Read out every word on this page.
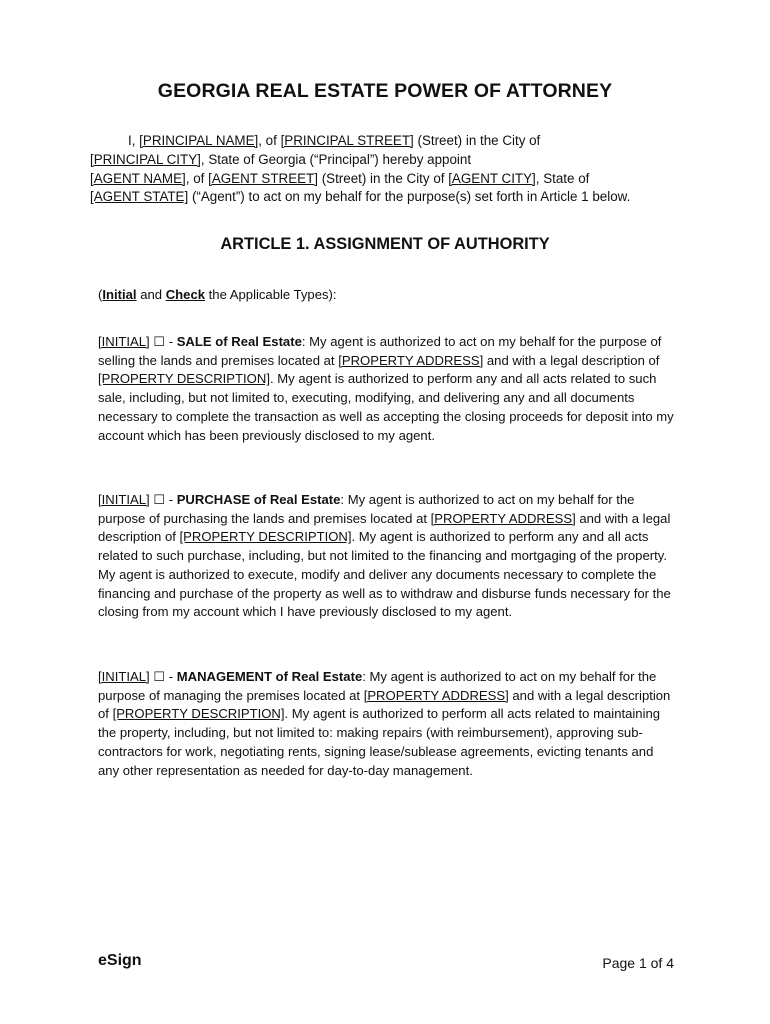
GEORGIA REAL ESTATE POWER OF ATTORNEY
I, [PRINCIPAL NAME], of [PRINCIPAL STREET] (Street) in the City of
[PRINCIPAL CITY], State of Georgia (“Principal”) hereby appoint
[AGENT NAME], of [AGENT STREET] (Street) in the City of [AGENT CITY], State of
[AGENT STATE] (“Agent”) to act on my behalf for the purpose(s) set forth in Article 1 below.
ARTICLE 1. ASSIGNMENT OF AUTHORITY
(Initial and Check the Applicable Types):
[INITIAL] ☐ - SALE of Real Estate: My agent is authorized to act on my behalf for the purpose of selling the lands and premises located at [PROPERTY ADDRESS] and with a legal description of [PROPERTY DESCRIPTION]. My agent is authorized to perform any and all acts related to such sale, including, but not limited to, executing, modifying, and delivering any and all documents necessary to complete the transaction as well as accepting the closing proceeds for deposit into my account which has been previously disclosed to my agent.
[INITIAL] ☐ - PURCHASE of Real Estate: My agent is authorized to act on my behalf for the purpose of purchasing the lands and premises located at [PROPERTY ADDRESS] and with a legal description of [PROPERTY DESCRIPTION]. My agent is authorized to perform any and all acts related to such purchase, including, but not limited to the financing and mortgaging of the property. My agent is authorized to execute, modify and deliver any documents necessary to complete the financing and purchase of the property as well as to withdraw and disburse funds necessary for the closing from my account which I have previously disclosed to my agent.
[INITIAL] ☐ - MANAGEMENT of Real Estate: My agent is authorized to act on my behalf for the purpose of managing the premises located at [PROPERTY ADDRESS] and with a legal description of [PROPERTY DESCRIPTION]. My agent is authorized to perform all acts related to maintaining the property, including, but not limited to: making repairs (with reimbursement), approving sub-contractors for work, negotiating rents, signing lease/sublease agreements, evicting tenants and any other representation as needed for day-to-day management.
eSign	Page 1 of 4
